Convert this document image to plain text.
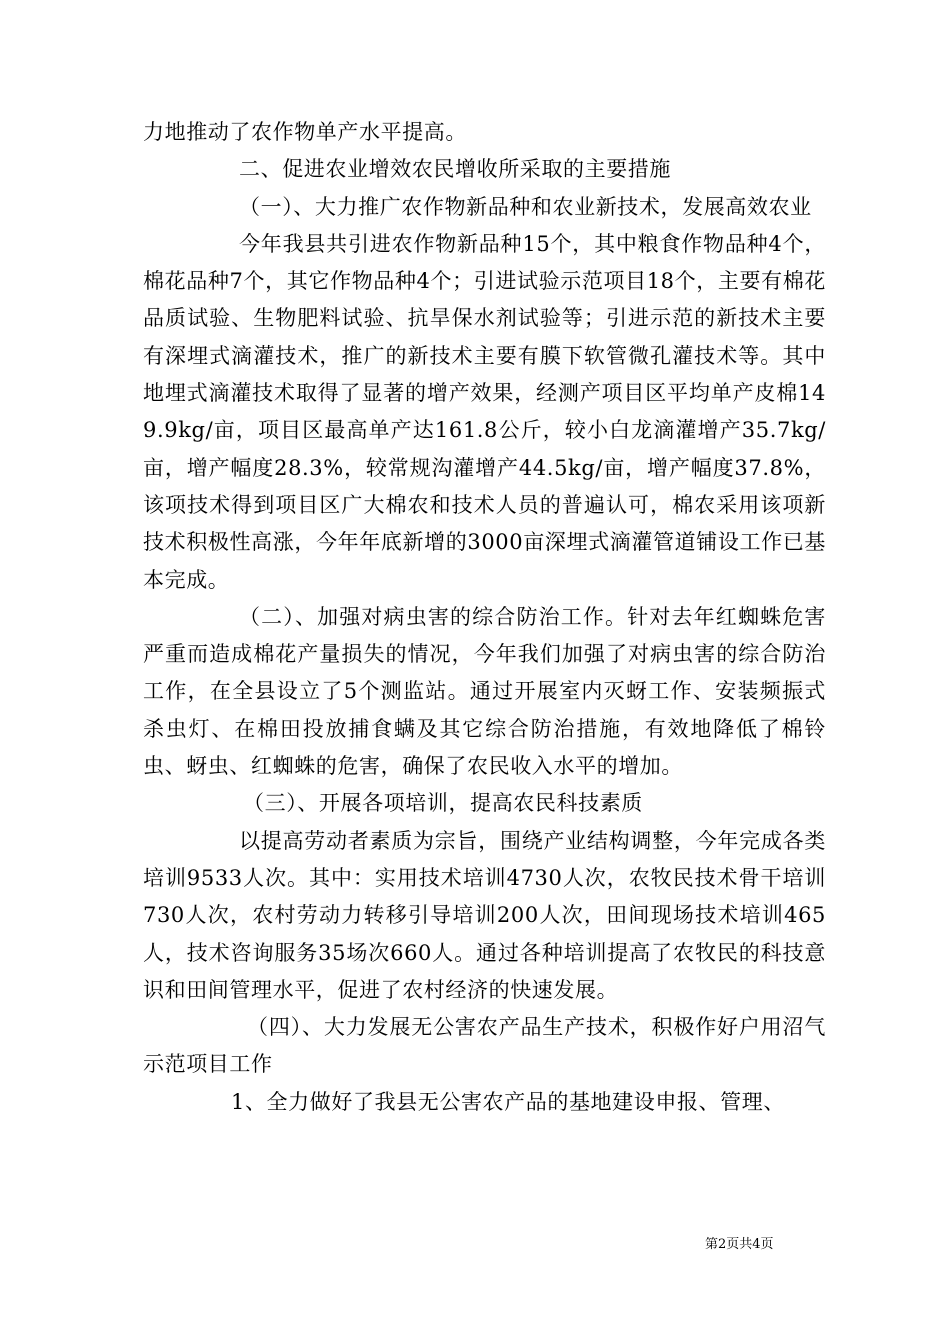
力地推动了农作物单产水平提高。

二、促进农业增效农民增收所采取的主要措施

（一）、大力推广农作物新品种和农业新技术，发展高效农业

今年我县共引进农作物新品种15个，其中粮食作物品种4个，棉花品种7个，其它作物品种4个；引进试验示范项目18个，主要有棉花品质试验、生物肥料试验、抗旱保水剂试验等；引进示范的新技术主要有深埋式滴灌技术，推广的新技术主要有膜下软管微孔灌技术等。其中地埋式滴灌技术取得了显著的增产效果，经测产项目区平均单产皮棉149.9kg/亩，项目区最高单产达161.8公斤，较小白龙滴灌增产35.7kg/亩，增产幅度28.3%，较常规沟灌增产44.5kg/亩，增产幅度37.8%，该项技术得到项目区广大棉农和技术人员的普遍认可，棉农采用该项新技术积极性高涨，今年年底新增的3000亩深埋式滴灌管道铺设工作已基本完成。

（二）、加强对病虫害的综合防治工作。针对去年红蜘蛛危害严重而造成棉花产量损失的情况，今年我们加强了对病虫害的综合防治工作，在全县设立了5个测监站。通过开展室内灭蚜工作、安装频振式杀虫灯、在棉田投放捕食螨及其它综合防治措施，有效地降低了棉铃虫、蚜虫、红蜘蛛的危害，确保了农民收入水平的增加。

（三）、开展各项培训，提高农民科技素质

以提高劳动者素质为宗旨，围绕产业结构调整，今年完成各类培训9533人次。其中：实用技术培训4730人次，农牧民技术骨干培训730人次，农村劳动力转移引导培训200人次，田间现场技术培训465人，技术咨询服务35场次660人。通过各种培训提高了农牧民的科技意识和田间管理水平，促进了农村经济的快速发展。

（四）、大力发展无公害农产品生产技术，积极作好户用沼气示范项目工作

1、全力做好了我县无公害农产品的基地建设申报、管理、

第2页共4页
